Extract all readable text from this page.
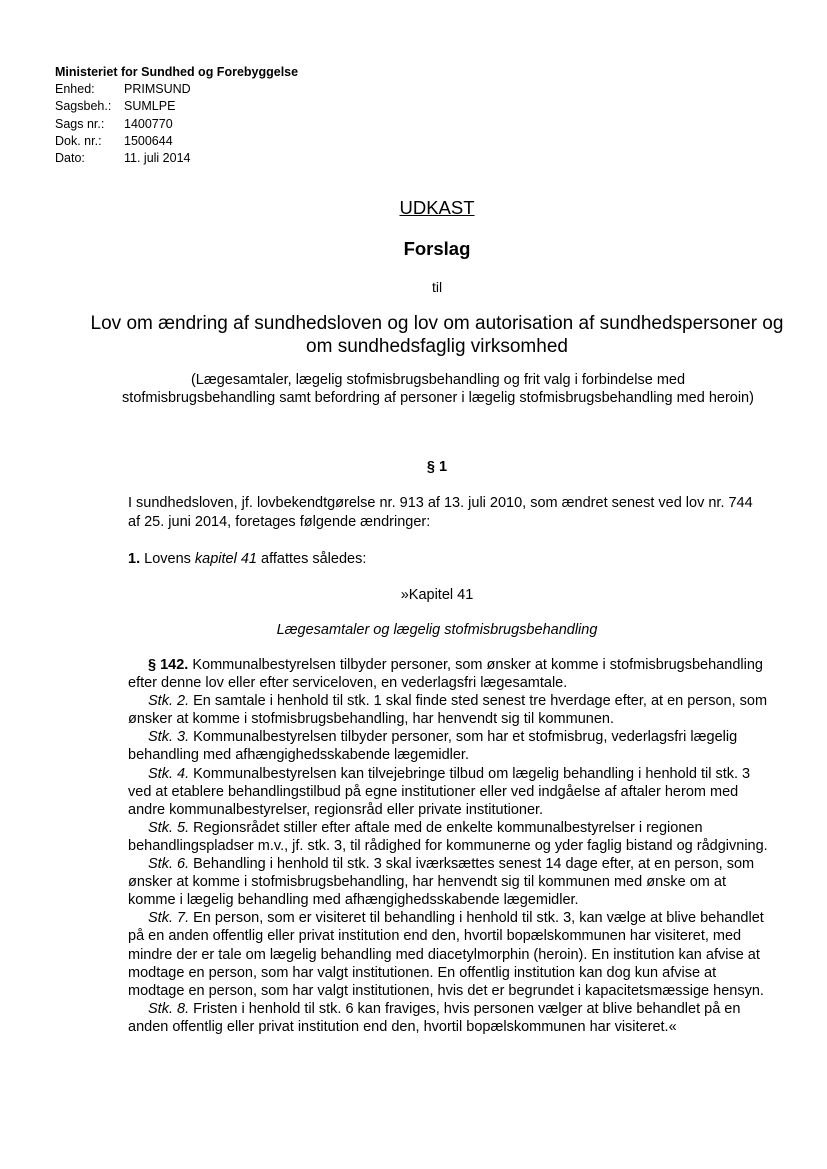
Ministeriet for Sundhed og Forebyggelse
Enhed:	PRIMSUND
Sagsbeh.:	SUMLPE
Sags nr.:	1400770
Dok. nr.:	1500644
Dato:	11. juli 2014
UDKAST
Forslag
til
Lov om ændring af sundhedsloven og lov om autorisation af sundhedspersoner og om sundhedsfaglig virksomhed
(Lægesamtaler, lægelig stofmisbrugsbehandling og frit valg i forbindelse med stofmisbrugsbehandling samt befordring af personer i lægelig stofmisbrugsbehandling med heroin)
§ 1
I sundhedsloven, jf. lovbekendtgørelse nr. 913 af 13. juli 2010, som ændret senest ved lov nr. 744 af 25. juni 2014, foretages følgende ændringer:
1. Lovens kapitel 41 affattes således:
»Kapitel 41
Lægesamtaler og lægelig stofmisbrugsbehandling

§ 142. Kommunalbestyrelsen tilbyder personer, som ønsker at komme i stofmisbrugsbehandling efter denne lov eller efter serviceloven, en vederlagsfri lægesamtale.

Stk. 2. En samtale i henhold til stk. 1 skal finde sted senest tre hverdage efter, at en person, som ønsker at komme i stofmisbrugsbehandling, har henvendt sig til kommunen.

Stk. 3. Kommunalbestyrelsen tilbyder personer, som har et stofmisbrug, vederlagsfri lægelig behandling med afhængighedsskabende lægemidler.

Stk. 4. Kommunalbestyrelsen kan tilvejebringe tilbud om lægelig behandling i henhold til stk. 3 ved at etablere behandlingstilbud på egne institutioner eller ved indgåelse af aftaler herom med andre kommunalbestyrelser, regionsråd eller private institutioner.

Stk. 5. Regionsrådet stiller efter aftale med de enkelte kommunalbestyrelser i regionen behandlingspladser m.v., jf. stk. 3, til rådighed for kommunerne og yder faglig bistand og rådgivning.

Stk. 6. Behandling i henhold til stk. 3 skal iværksættes senest 14 dage efter, at en person, som ønsker at komme i stofmisbrugsbehandling, har henvendt sig til kommunen med ønske om at komme i lægelig behandling med afhængighedsskabende lægemidler.

Stk. 7. En person, som er visiteret til behandling i henhold til stk. 3, kan vælge at blive behandlet på en anden offentlig eller privat institution end den, hvortil bopælskommunen har visiteret, med mindre der er tale om lægelig behandling med diacetylmorphin (heroin). En institution kan afvise at modtage en person, som har valgt institutionen. En offentlig institution kan dog kun afvise at modtage en person, som har valgt institutionen, hvis det er begrundet i kapacitetsmæssige hensyn.

Stk. 8. Fristen i henhold til stk. 6 kan fraviges, hvis personen vælger at blive behandlet på en anden offentlig eller privat institution end den, hvortil bopælskommunen har visiteret.«
